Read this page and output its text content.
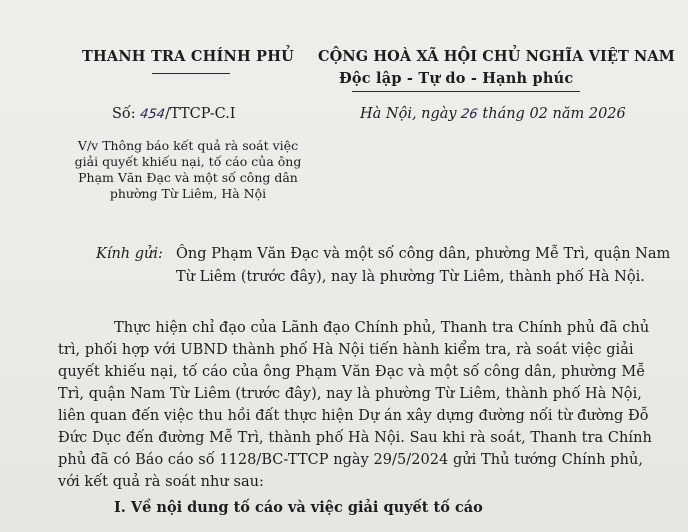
THANH TRA CHÍNH PHỦ CỘNG HOÀ XÃ HỘI CHỦ NGHĨA VIỆT NAM
Độc lập - Tự do - Hạnh phúc
Số: 454/TTCP-C.I	Hà Nội, ngày 26 tháng 02 năm 2026
V/v Thông báo kết quả rà soát việc
giải quyết khiếu nại, tố cáo của ông
Phạm Văn Đạc và một số công dân
phường Từ Liêm, Hà Nội
Kính gửi: Ông Phạm Văn Đạc và một số công dân, phường Mễ Trì, quận Nam
Từ Liêm (trước đây), nay là phường Từ Liêm, thành phố Hà Nội.
Thực hiện chỉ đạo của Lãnh đạo Chính phủ, Thanh tra Chính phủ đã chủ
trì, phối hợp với UBND thành phố Hà Nội tiến hành kiểm tra, rà soát việc giải
quyết khiếu nại, tố cáo của ông Phạm Văn Đạc và một số công dân, phường Mễ
Trì, quận Nam Từ Liêm (trước đây), nay là phường Từ Liêm, thành phố Hà Nội,
liên quan đến việc thu hồi đất thực hiện Dự án xây dựng đường nối từ đường Đỗ
Đức Dục đến đường Mễ Trì, thành phố Hà Nội. Sau khi rà soát, Thanh tra Chính
phủ đã có Báo cáo số 1128/BC-TTCP ngày 29/5/2024 gửi Thủ tướng Chính phủ,
với kết quả rà soát như sau:
I. Về nội dung tố cáo và việc giải quyết tố cáo
